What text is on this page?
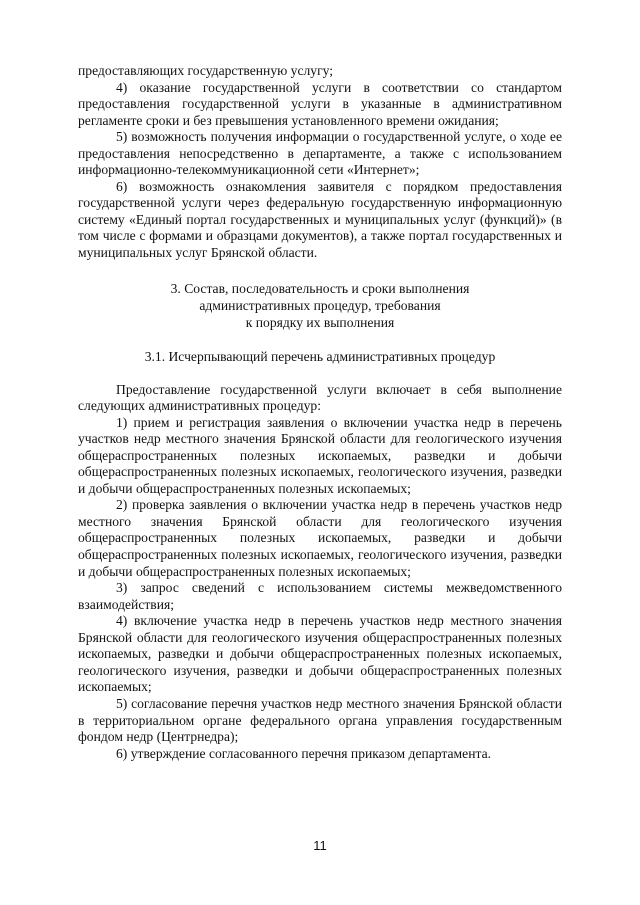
предоставляющих государственную услугу;

4) оказание государственной услуги в соответствии со стандартом предоставления государственной услуги в указанные в административном регламенте сроки и без превышения установленного времени ожидания;

5) возможность получения информации о государственной услуге, о ходе ее предоставления непосредственно в департаменте, а также с использованием информационно-телекоммуникационной сети «Интернет»;

6) возможность ознакомления заявителя с порядком предоставления государственной услуги через федеральную государственную информационную систему «Единый портал государственных и муниципальных услуг (функций)» (в том числе с формами и образцами документов), а также портал государственных и муниципальных услуг Брянской области.

3. Состав, последовательность и сроки выполнения
административных процедур, требования
к порядку их выполнения
3.1. Исчерпывающий перечень административных процедур

Предоставление государственной услуги включает в себя выполнение следующих административных процедур:

1) прием и регистрация заявления о включении участка недр в перечень участков недр местного значения Брянской области для геологического изучения общераспространенных полезных ископаемых, разведки и добычи общераспространенных полезных ископаемых, геологического изучения, разведки и добычи общераспространенных полезных ископаемых;

2) проверка заявления о включении участка недр в перечень участков недр местного значения Брянской области для геологического изучения общераспространенных полезных ископаемых, разведки и добычи общераспространенных полезных ископаемых, геологического изучения, разведки и добычи общераспространенных полезных ископаемых;

3) запрос сведений с использованием системы межведомственного взаимодействия;

4) включение участка недр в перечень участков недр местного значения Брянской области для геологического изучения общераспространенных полезных ископаемых, разведки и добычи общераспространенных полезных ископаемых, геологического изучения, разведки и добычи общераспространенных полезных ископаемых;

5) согласование перечня участков недр местного значения Брянской области в территориальном органе федерального органа управления государственным фондом недр (Центрнедра);

6) утверждение согласованного перечня приказом департамента.

11
